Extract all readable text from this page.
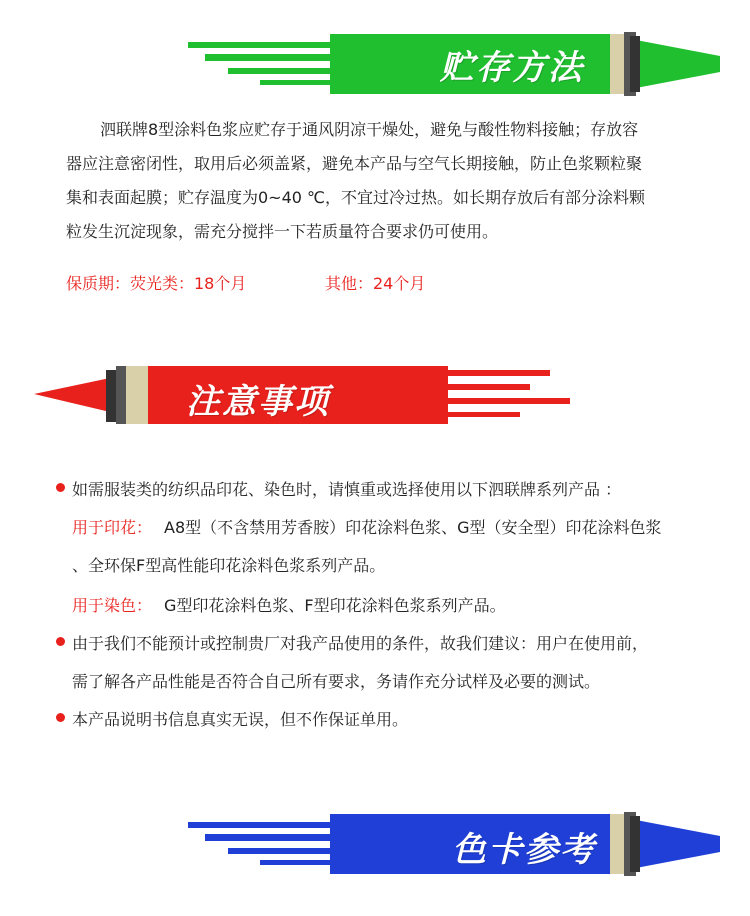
贮存方法
泗联牌8型涂料色浆应贮存于通风阴凉干燥处，避免与酸性物料接触；存放容
器应注意密闭性，取用后必须盖紧，避免本产品与空气长期接触，防止色浆颗粒聚
集和表面起膜；贮存温度为0~40 ℃，不宜过冷过热。如长期存放后有部分涂料颗
粒发生沉淀现象，需充分搅拌一下若质量符合要求仍可使用。
保质期：荧光类：18个月	其他：24个月
注意事项
如需服装类的纺织品印花、染色时，请慎重或选择使用以下泗联牌系列产品 ：
用于印花： A8型（不含禁用芳香胺）印花涂料色浆、G型（安全型）印花涂料色浆
、全环保F型高性能印花涂料色浆系列产品。
用于染色： G型印花涂料色浆、F型印花涂料色浆系列产品。
由于我们不能预计或控制贵厂对我产品使用的条件，故我们建议：用户在使用前，
需了解各产品性能是否符合自己所有要求，务请作充分试样及必要的测试。
本产品说明书信息真实无误，但不作保证单用。
色卡参考
